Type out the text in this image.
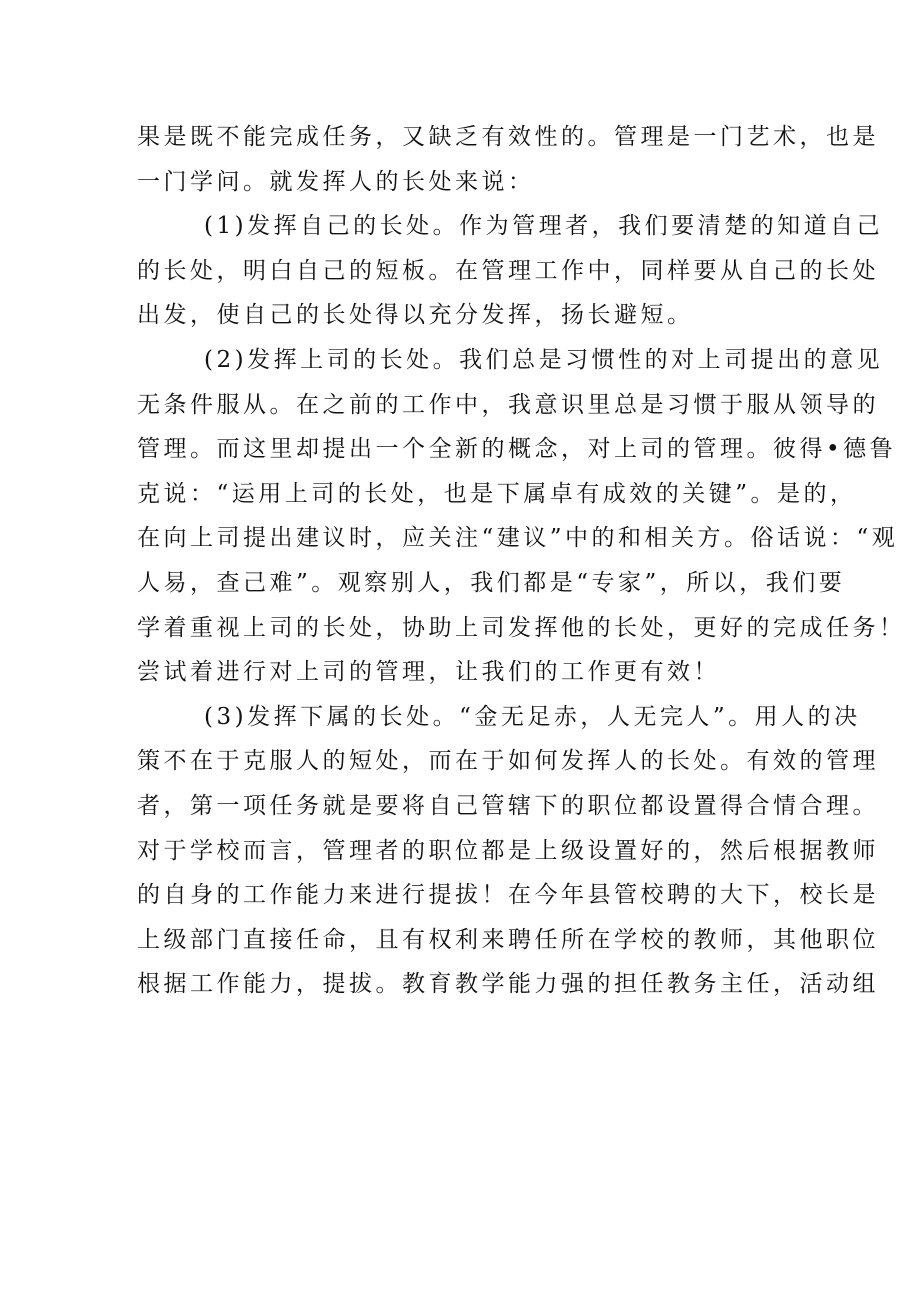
果是既不能完成任务，又缺乏有效性的。管理是一门艺术，也是
一门学问。就发挥人的长处来说：

(1)发挥自己的长处。作为管理者，我们要清楚的知道自己
的长处，明白自己的短板。在管理工作中，同样要从自己的长处
出发，使自己的长处得以充分发挥，扬长避短。

(2)发挥上司的长处。我们总是习惯性的对上司提出的意见
无条件服从。在之前的工作中，我意识里总是习惯于服从领导的
管理。而这里却提出一个全新的概念，对上司的管理。彼得•德鲁
克说：“运用上司的长处，也是下属卓有成效的关键”。是的，
在向上司提出建议时，应关注“建议”中的和相关方。俗话说：“观
人易，查己难”。观察别人，我们都是“专家”，所以，我们要
学着重视上司的长处，协助上司发挥他的长处，更好的完成任务！
尝试着进行对上司的管理，让我们的工作更有效！

(3)发挥下属的长处。“金无足赤，人无完人”。用人的决
策不在于克服人的短处，而在于如何发挥人的长处。有效的管理
者，第一项任务就是要将自己管辖下的职位都设置得合情合理。
对于学校而言，管理者的职位都是上级设置好的，然后根据教师
的自身的工作能力来进行提拔！在今年县管校聘的大下，校长是
上级部门直接任命，且有权利来聘任所在学校的教师，其他职位
根据工作能力，提拔。教育教学能力强的担任教务主任，活动组
